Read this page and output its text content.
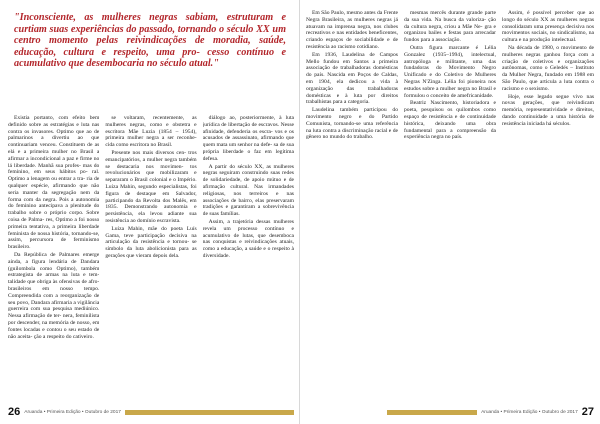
"Inconsciente, as mulheres negras sabiam, estruturam e curtiam suas experiências do passado, tornando o século XX um centro momento pelas reivindicações de moradia, saúde, educação, cultura e respeito, uma pro- cesso contínuo e acumulativo que desembocaria no século atual."

Existia portanto, com efeito bem definido sobre as estratégias e luta nas contra os invasores. Optimo que ao de palmarinos a divertiu ao que continuariam venceu. Constituem de as elá e a primeira mulher no Brasil a afirmar a incondicional a paz e firme no lá liberdade. Manhã sua profes- mas do feminino, em seus hábitos po- ral. Optimo a lenagem ou entrar a tra- ria de qualquer espécie, afirmando que não seria manter da segregação nem da forma com da negra. Pois a autonomia do feminino antecipava a plenitude do trabalho sobre o próprio corpo. Sobre coisa de Palma- res, Optimo a foi nosso primeira tentativa, a primeira liberdade feminista de nossa história, tornando-se, assim, percursora de ferminismo brasileiro.

Da República de Palmares emerge ainda, a figura lendária de Dandara (guilombola como Optimo), também estrategista de armas na luta e tem- talidade que obriga às ofensivas de afro-brasileiros em nosso tempo. Compreendida com a reorganização de seu povo, Dandara afirmaria a vigilância guerreira com sua pesquisa mediúnico. Nessa afirmação de ter- nera, feminilista por descender, na memória de nosso, em fontes locadas e contou o seu estado de não aceita- ção a respeito do cativeiro.

se voltaram, recentemente, as mulheres negras, como e obstetra e escritora Mãe Luzia (1854 – 1954), primeira mulher negra a ser reconhe- cida como escritora no Brasil.

Presente nos mais diversos cen- tros emancipatórios, a mulher negra também se destacaria nos movimen- tos revolucionários que mobilizaram e separaram o Brasil colonial e o Império. Luíza Mahin, segundo especialistas, foi figura de destaque em Salvador, participando da Revolta dos Malês, em 1835. Demonstrando autonomia e persistência, ela levou adiante sua resistência ao domínio escravista.

Luíza Mahin, mãe do poeta Luís Gama, teve participação decisiva na articulação da resistência e tornou- se símbolo da luta abolicionista para as gerações que vieram depois dela.

diálogo ao, posteriormente, à luta jurídica de libertação de escravos. Nesse afinidade, defenderia os escra- vos e os acusados de assassinato, afirmando que quem mata um senhor na defe- sa de sua própria liberdade o faz em legítima defesa.

A partir do século XX, as mulheres negras seguiram construindo suas redes de solidariedade, de apoio mútuo e de afirmação cultural. Nas irmandades religiosas, nos terreiros e nas associações de bairro, elas preservaram tradições e garantiram a sobrevivência de suas famílias.

Assim, a trajetória dessas mulheres revela um processo contínuo e acumulativo de lutas, que desemboca nas conquistas e reivindicações atuais, como a educação, a saúde e o respeito à diversidade.

26 Aruanda • Primeira Edição • Outubro de 2017

Em São Paulo, mesmo antes da Frente Negra Brasileira, as mulheres negras já atuavam na imprensa negra, nos clubes recreativos e nas entidades beneficentes, criando espaços de sociabilidade e de resistência ao racismo cotidiano.

Em 1936, Laudelina de Campos Mello fundou em Santos a primeira associação de trabalhadoras domésticas do país. Nascida em Poços de Caldas, em 1904, ela dedicou a vida à organização das trabalhadoras domésticas e à luta por direitos trabalhistas para a categoria.

Laudelina também participou do movimento negro e do Partido Comunista, tornando-se uma referência na luta contra a discriminação racial e de gênero no mundo do trabalho.

mesmas mercês durante grande parte da sua vida. Na busca da valoriza- ção da cultura negra, criou a Mãe Ne- gra e organizou bailes e festas para arrecadar fundos para a associação.

Outra figura marcante é Lélia Gonzalez (1935–1994), intelectual, antropóloga e militante, uma das fundadoras do Movimento Negro Unificado e do Coletivo de Mulheres Negras N'Zinga. Lélia foi pioneira nos estudos sobre a mulher negra no Brasil e formulou o conceito de amefricanidade.

Beatriz Nascimento, historiadora e poeta, pesquisou os quilombos como espaço de resistência e de continuidade histórica, deixando uma obra fundamental para a compreensão da experiência negra no país.

Assim, é possível perceber que ao longo do século XX as mulheres negras consolidaram uma presença decisiva nos movimentos sociais, no sindicalismo, na cultura e na produção intelectual.

Na década de 1980, o movimento de mulheres negras ganhou força com a criação de coletivos e organizações autônomas, como o Geledés – Instituto da Mulher Negra, fundado em 1988 em São Paulo, que articula a luta contra o racismo e o sexismo.

Hoje, esse legado segue vivo nas novas gerações, que reivindicam memória, representatividade e direitos, dando continuidade a uma história de resistência iniciada há séculos.

Aruanda • Primeira Edição • Outubro de 2017 27
